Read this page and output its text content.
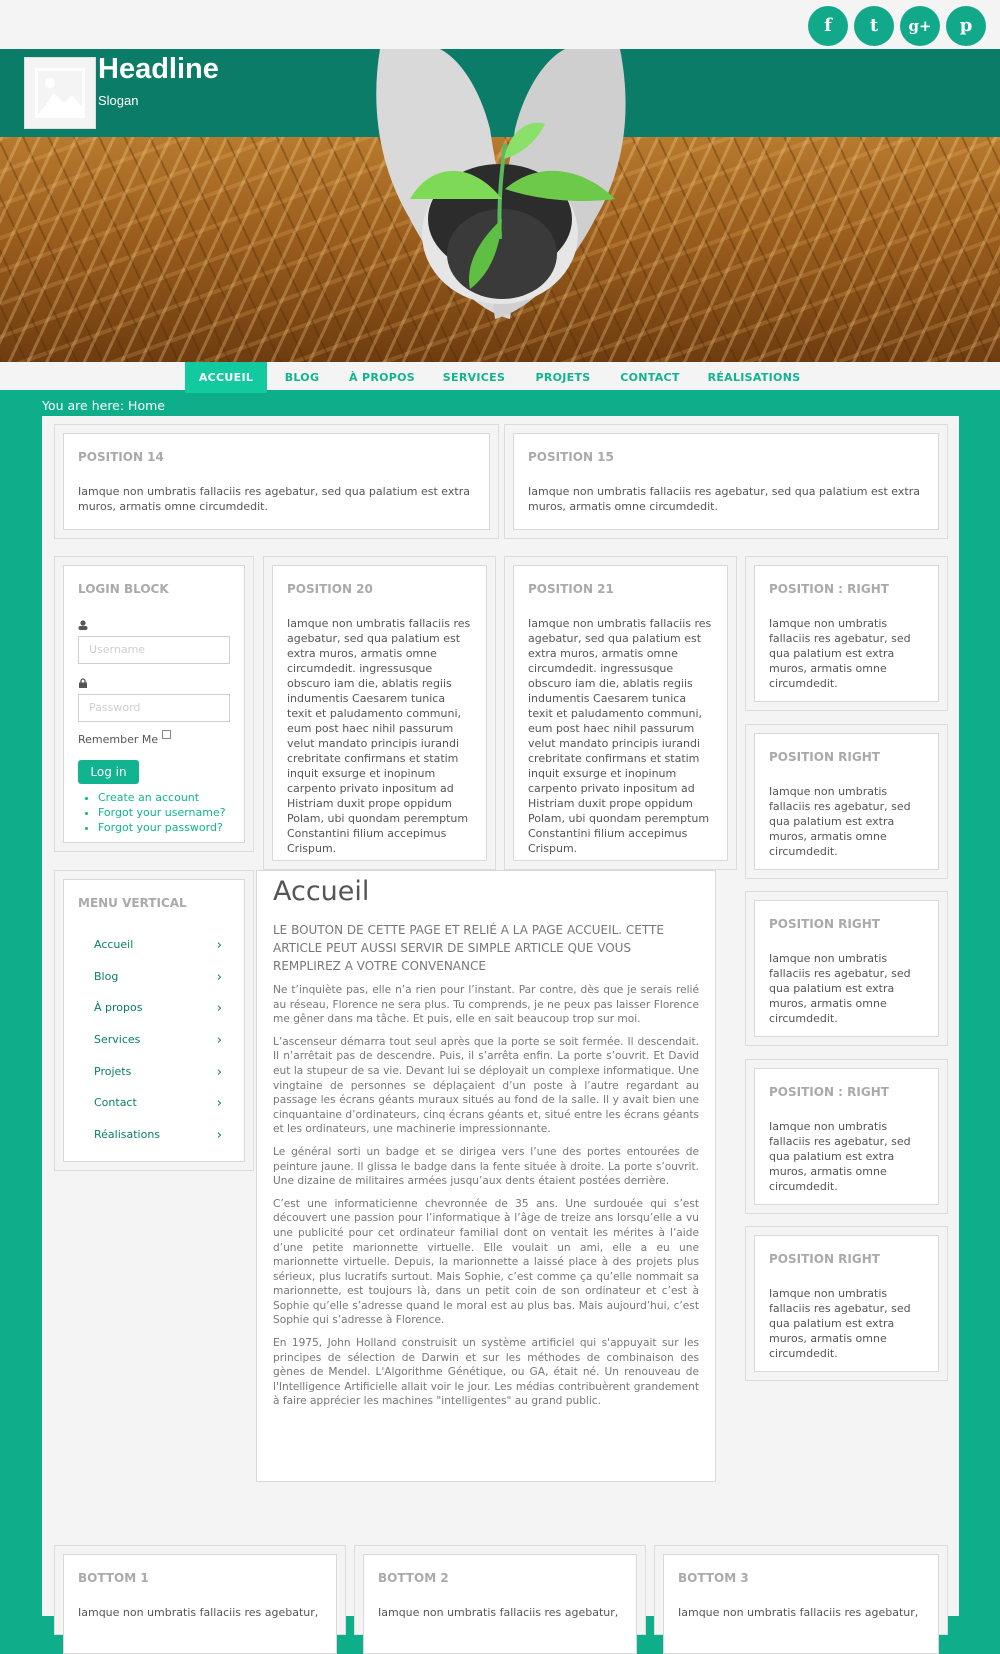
f	t	g+	p
Headline
Slogan
ACCUEIL	BLOG	À PROPOS	SERVICES	PROJETS	CONTACT	RÉALISATIONS
You are here: Home
POSITION 14
Iamque non umbratis fallaciis res agebatur, sed qua palatium est extra muros, armatis omne circumdedit.
POSITION 15
Iamque non umbratis fallaciis res agebatur, sed qua palatium est extra muros, armatis omne circumdedit.
LOGIN BLOCK
Username
Password
Remember Me
Log in
• Create an account
• Forgot your username?
• Forgot your password?
POSITION 20
Iamque non umbratis fallaciis res agebatur, sed qua palatium est extra muros, armatis omne circumdedit. ingressusque obscuro iam die, ablatis regiis indumentis Caesarem tunica texit et paludamento communi, eum post haec nihil passurum velut mandato principis iurandi crebritate confirmans et statim inquit exsurge et inopinum carpento privato inpositum ad Histriam duxit prope oppidum Polam, ubi quondam peremptum Constantini filium accepimus Crispum.
POSITION 21
Iamque non umbratis fallaciis res agebatur, sed qua palatium est extra muros, armatis omne circumdedit. ingressusque obscuro iam die, ablatis regiis indumentis Caesarem tunica texit et paludamento communi, eum post haec nihil passurum velut mandato principis iurandi crebritate confirmans et statim inquit exsurge et inopinum carpento privato inpositum ad Histriam duxit prope oppidum Polam, ubi quondam peremptum Constantini filium accepimus Crispum.
POSITION : RIGHT
Iamque non umbratis fallaciis res agebatur, sed qua palatium est extra muros, armatis omne circumdedit.
POSITION RIGHT
Iamque non umbratis fallaciis res agebatur, sed qua palatium est extra muros, armatis omne circumdedit.
POSITION RIGHT
Iamque non umbratis fallaciis res agebatur, sed qua palatium est extra muros, armatis omne circumdedit.
POSITION : RIGHT
Iamque non umbratis fallaciis res agebatur, sed qua palatium est extra muros, armatis omne circumdedit.
POSITION RIGHT
Iamque non umbratis fallaciis res agebatur, sed qua palatium est extra muros, armatis omne circumdedit.
MENU VERTICAL
Accueil	›
Blog	›
À propos	›
Services	›
Projets	›
Contact	›
Réalisations	›
Accueil
LE BOUTON DE CETTE PAGE ET RELIÉ A LA PAGE ACCUEIL. CETTE ARTICLE PEUT AUSSI SERVIR DE SIMPLE ARTICLE QUE VOUS REMPLIREZ A VOTRE CONVENANCE
Ne t’inquiète pas, elle n’a rien pour l’instant. Par contre, dès que je serais relié au réseau, Florence ne sera plus. Tu comprends, je ne peux pas laisser Florence me gêner dans ma tâche. Et puis, elle en sait beaucoup trop sur moi.
L’ascenseur démarra tout seul après que la porte se soit fermée. Il descendait. Il n’arrêtait pas de descendre. Puis, il s’arrêta enfin. La porte s’ouvrit. Et David eut la stupeur de sa vie. Devant lui se déployait un complexe informatique. Une vingtaine de personnes se déplaçaient d’un poste à l’autre regardant au passage les écrans géants muraux situés au fond de la salle. Il y avait bien une cinquantaine d’ordinateurs, cinq écrans géants et, situé entre les écrans géants et les ordinateurs, une machinerie impressionnante.
Le général sorti un badge et se dirigea vers l’une des portes entourées de peinture jaune. Il glissa le badge dans la fente située à droite. La porte s’ouvrit. Une dizaine de militaires armées jusqu’aux dents étaient postées derrière.
C’est une informaticienne chevronnée de 35 ans. Une surdouée qui s’est découvert une passion pour l’informatique à l’âge de treize ans lorsqu’elle a vu une publicité pour cet ordinateur familial dont on ventait les mérites à l’aide d’une petite marionnette virtuelle. Elle voulait un ami, elle a eu une marionnette virtuelle. Depuis, la marionnette a laissé place à des projets plus sérieux, plus lucratifs surtout. Mais Sophie, c’est comme ça qu’elle nommait sa marionnette, est toujours là, dans un petit coin de son ordinateur et c’est à Sophie qu’elle s’adresse quand le moral est au plus bas. Mais aujourd’hui, c’est Sophie qui s’adresse à Florence.
En 1975, John Holland construisit un système artificiel qui s'appuyait sur les principes de sélection de Darwin et sur les méthodes de combinaison des gènes de Mendel. L'Algorithme Génétique, ou GA, était né. Un renouveau de l'Intelligence Artificielle allait voir le jour. Les médias contribuèrent grandement à faire apprécier les machines "intelligentes" au grand public.
BOTTOM 1
Iamque non umbratis fallaciis res agebatur,
BOTTOM 2
Iamque non umbratis fallaciis res agebatur,
BOTTOM 3
Iamque non umbratis fallaciis res agebatur,
